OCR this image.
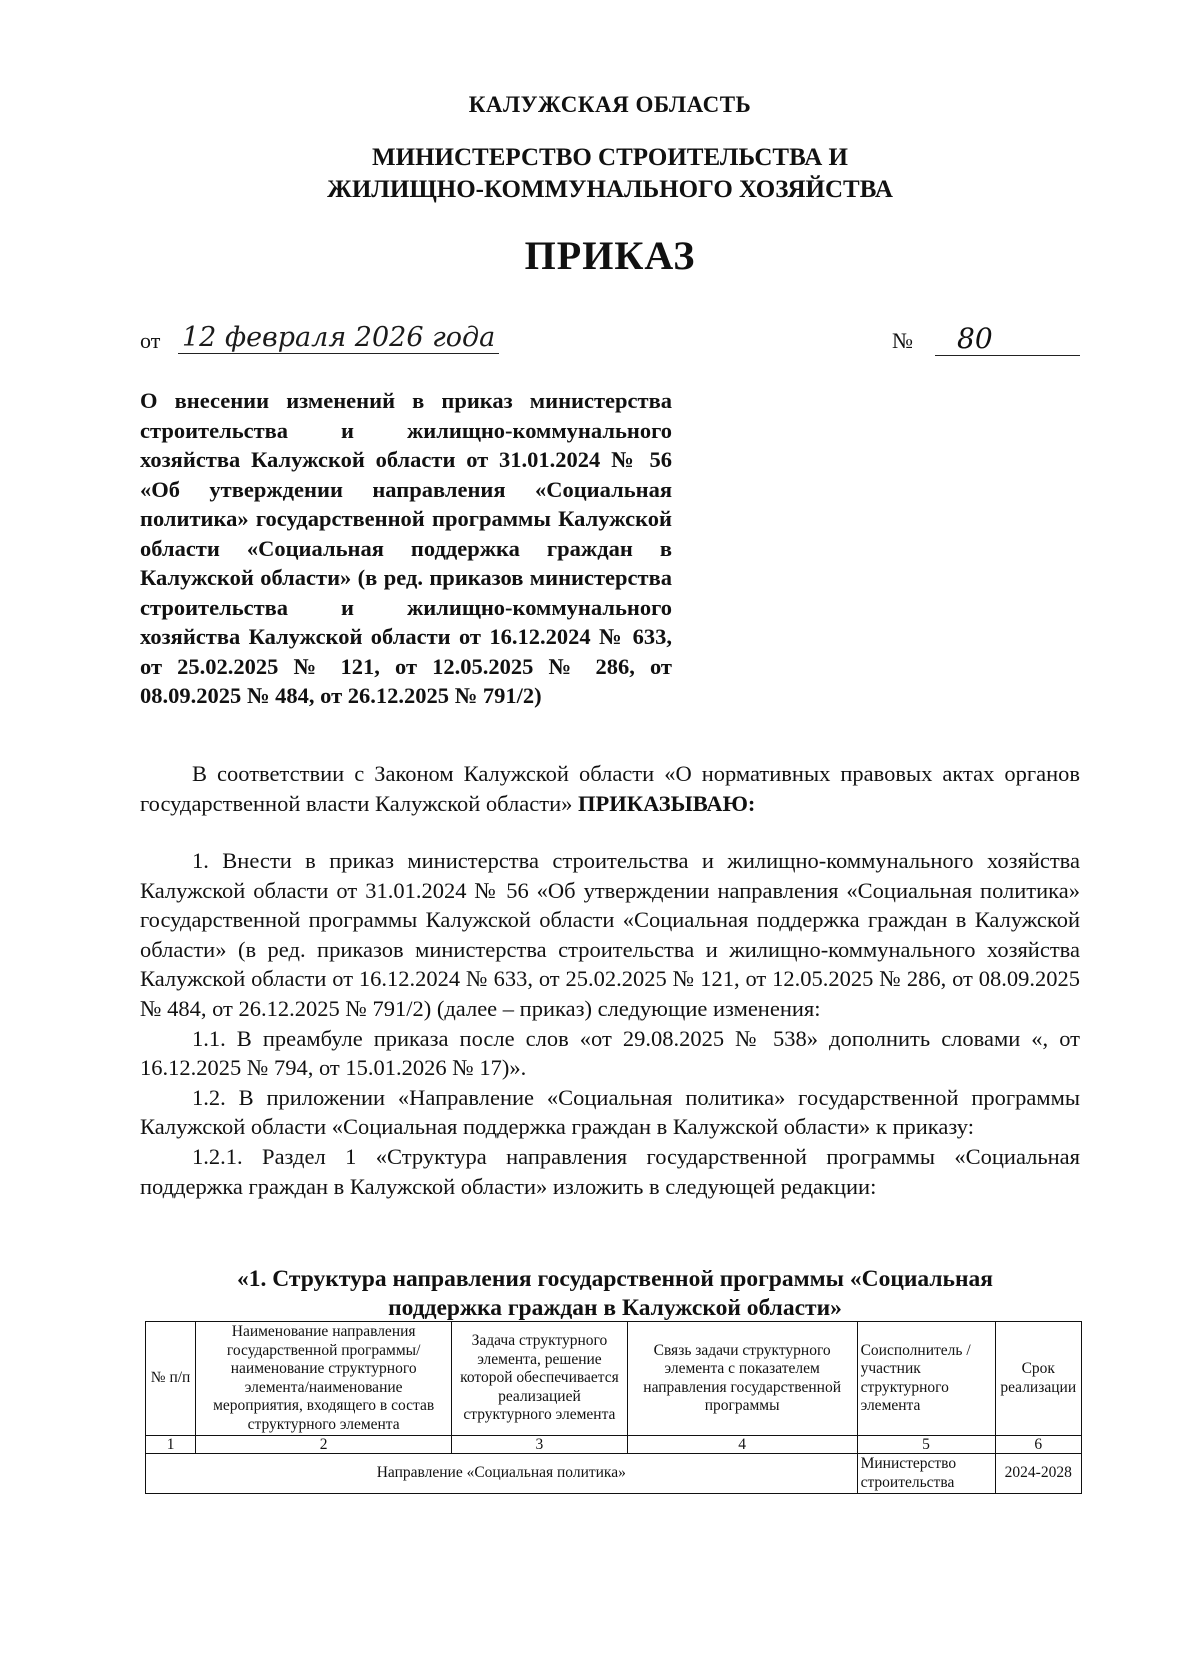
КАЛУЖСКАЯ ОБЛАСТЬ
МИНИСТЕРСТВО СТРОИТЕЛЬСТВА И
ЖИЛИЩНО-КОММУНАЛЬНОГО ХОЗЯЙСТВА
ПРИКАЗ
от 12 февраля 2026 года	№	80
О внесении изменений в приказ министерства строительства и жилищно-коммунального хозяйства Калужской области от 31.01.2024 № 56 «Об утверждении направления «Социальная политика» государственной программы Калужской области «Социальная поддержка граждан в Калужской области» (в ред. приказов министерства строительства и жилищно-коммунального хозяйства Калужской области от 16.12.2024 № 633, от 25.02.2025 № 121, от 12.05.2025 № 286, от 08.09.2025 № 484, от 26.12.2025 № 791/2)

В соответствии с Законом Калужской области «О нормативных правовых актах органов государственной власти Калужской области» ПРИКАЗЫВАЮ:

1. Внести в приказ министерства строительства и жилищно-коммунального хозяйства Калужской области от 31.01.2024 № 56 «Об утверждении направления «Социальная политика» государственной программы Калужской области «Социальная поддержка граждан в Калужской области» (в ред. приказов министерства строительства и жилищно-коммунального хозяйства Калужской области от 16.12.2024 № 633, от 25.02.2025 № 121, от 12.05.2025 № 286, от 08.09.2025 № 484, от 26.12.2025 № 791/2) (далее – приказ) следующие изменения:

1.1. В преамбуле приказа после слов «от 29.08.2025 № 538» дополнить словами «, от 16.12.2025 № 794, от 15.01.2026 № 17)».

1.2. В приложении «Направление «Социальная политика» государственной программы Калужской области «Социальная поддержка граждан в Калужской области» к приказу:

1.2.1. Раздел 1 «Структура направления государственной программы «Социальная поддержка граждан в Калужской области» изложить в следующей редакции:

«1. Структура направления государственной программы «Социальная
поддержка граждан в Калужской области»
№ п/п	Наименование направления государственной программы/наименование структурного элемента/наименование мероприятия, входящего в состав структурного элемента	Задача структурного элемента, решение которой обеспечивается реализацией структурного элемента	Связь задачи структурного элемента с показателем направления государственной программы	Соисполнитель /участник структурного элемента	Срок реализации
1	2	3	4	5	6
Направление «Социальная политика»				Министерство строительства	2024-2028
